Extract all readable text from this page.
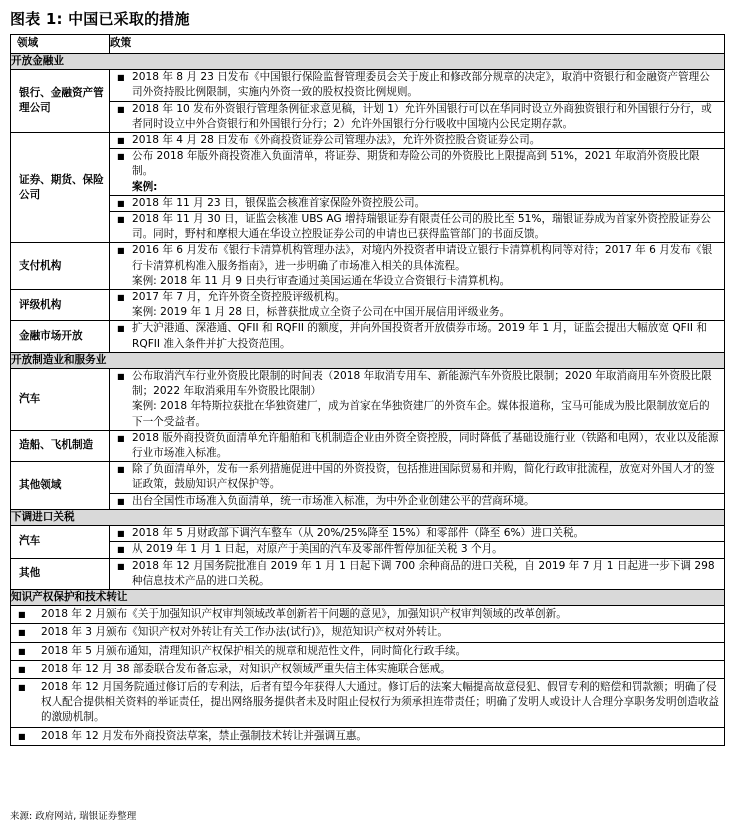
图表 1: 中国已采取的措施
领域	政策
开放金融业	
银行、金融资产管理公司	■ 2018 年 8 月 23 日发布《中国银行保险监督管理委员会关于废止和修改部分规章的决定》，取消中资银行和金融资产管理公司外资持股比例限制，实施内外资一致的股权投资比例规则。

	■ 2018 年 10 发布外资银行管理条例征求意见稿，计划 1）允许外国银行可以在华同时设立外商独资银行和外国银行分行，或者同时设立中外合资银行和外国银行分行；2）允许外国银行分行吸收中国境内公民定期存款。

证券、期货、保险公司	■ 2018 年 4 月 28 日发布《外商投资证券公司管理办法》，允许外资控股合资证券公司。

	■ 公布 2018 年版外商投资准入负面清单，将证券、期货和寿险公司的外资股比上限提高到 51%，2021 年取消外资股比限制。
案例:

	■ 2018 年 11 月 23 日，银保监会核准首家保险外资控股公司。

	■ 2018 年 11 月 30 日，证监会核准 UBS AG 增持瑞银证券有限责任公司的股比至 51%，瑞银证券成为首家外资控股证券公司。同时，野村和摩根大通在华设立控股证券公司的申请也已获得监管部门的书面反馈。

支付机构	■ 2016 年 6 月发布《银行卡清算机构管理办法》，对境内外投资者申请设立银行卡清算机构同等对待；2017 年 6 月发布《银行卡清算机构准入服务指南》，进一步明确了市场准入相关的具体流程。
案例: 2018 年 11 月 9 日央行审查通过美国运通在华设立合资银行卡清算机构。

评级机构	■ 2017 年 7 月，允许外资全资控股评级机构。
案例: 2019 年 1 月 28 日，标普获批成立全资子公司在中国开展信用评级业务。

金融市场开放	■ 扩大沪港通、深港通、QFII 和 RQFII 的额度，并向外国投资者开放债券市场。2019 年 1 月，证监会提出大幅放宽 QFII 和 RQFII 准入条件并扩大投资范围。

开放制造业和服务业	
汽车	■ 公布取消汽车行业外资股比限制的时间表（2018 年取消专用车、新能源汽车外资股比限制；2020 年取消商用车外资股比限制；2022 年取消乘用车外资股比限制）
案例: 2018 年特斯拉获批在华独资建厂，成为首家在华独资建厂的外资车企。媒体报道称，宝马可能成为股比限制放宽后的下一个受益者。

造船、飞机制造	■ 2018 版外商投资负面清单允许船舶和飞机制造企业由外资全资控股，同时降低了基础设施行业（铁路和电网），农业以及能源行业市场准入标准。

其他领域	■ 除了负面清单外，发布一系列措施促进中国的外资投资，包括推进国际贸易和并购，简化行政审批流程，放宽对外国人才的签证政策，鼓励知识产权保护等。

	■ 出台全国性市场准入负面清单，统一市场准入标准，为中外企业创建公平的营商环境。

下调进口关税	
汽车	■ 2018 年 5 月财政部下调汽车整车（从 20%/25%降至 15%）和零部件（降至 6%）进口关税。

	■ 从 2019 年 1 月 1 日起，对原产于美国的汽车及零部件暂停加征关税 3 个月。

其他	■ 2018 年 12 月国务院批准自 2019 年 1 月 1 日起下调 700 余种商品的进口关税，自 2019 年 7 月 1 日起进一步下调 298 种信息技术产品的进口关税。

知识产权保护和技术转让	

■ 2018 年 2 月颁布《关于加强知识产权审判领域改革创新若干问题的意见》，加强知识产权审判领域的改革创新。	

■ 2018 年 3 月颁布《知识产权对外转让有关工作办法(试行)》，规范知识产权对外转让。	

■ 2018 年 5 月颁布通知，清理知识产权保护相关的规章和规范性文件，同时简化行政手续。	

■ 2018 年 12 月 38 部委联合发布备忘录，对知识产权领域严重失信主体实施联合惩戒。	

■ 2018 年 12 月国务院通过修订后的专利法，后者有望今年获得人大通过。修订后的法案大幅提高故意侵犯、假冒专利的赔偿和罚款额；明确了侵权人配合提供相关资料的举证责任，提出网络服务提供者未及时阻止侵权行为须承担连带责任；明确了发明人或设计人合理分享职务发明创造收益的激励机制。	

■ 2018 年 12 月发布外商投资法草案，禁止强制技术转让并强调互惠。	
来源: 政府网站, 瑞银证券整理
